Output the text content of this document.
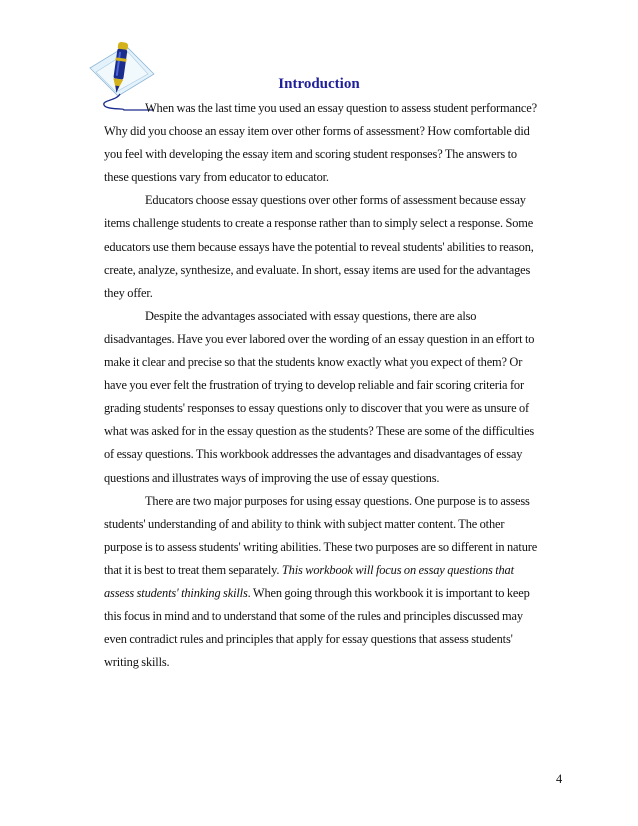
Introduction
When was the last time you used an essay question to assess student performance?
Why did you choose an essay item over other forms of assessment? How comfortable did
you feel with developing the essay item and scoring student responses? The answers to
these questions vary from educator to educator.
Educators choose essay questions over other forms of assessment because essay
items challenge students to create a response rather than to simply select a response. Some
educators use them because essays have the potential to reveal students' abilities to reason,
create, analyze, synthesize, and evaluate. In short, essay items are used for the advantages
they offer.
Despite the advantages associated with essay questions, there are also
disadvantages. Have you ever labored over the wording of an essay question in an effort to
make it clear and precise so that the students know exactly what you expect of them? Or
have you ever felt the frustration of trying to develop reliable and fair scoring criteria for
grading students' responses to essay questions only to discover that you were as unsure of
what was asked for in the essay question as the students? These are some of the difficulties
of essay questions. This workbook addresses the advantages and disadvantages of essay
questions and illustrates ways of improving the use of essay questions.
There are two major purposes for using essay questions. One purpose is to assess
students' understanding of and ability to think with subject matter content. The other
purpose is to assess students' writing abilities. These two purposes are so different in nature
that it is best to treat them separately. This workbook will focus on essay questions that
assess students' thinking skills. When going through this workbook it is important to keep
this focus in mind and to understand that some of the rules and principles discussed may
even contradict rules and principles that apply for essay questions that assess students'
writing skills.
4
